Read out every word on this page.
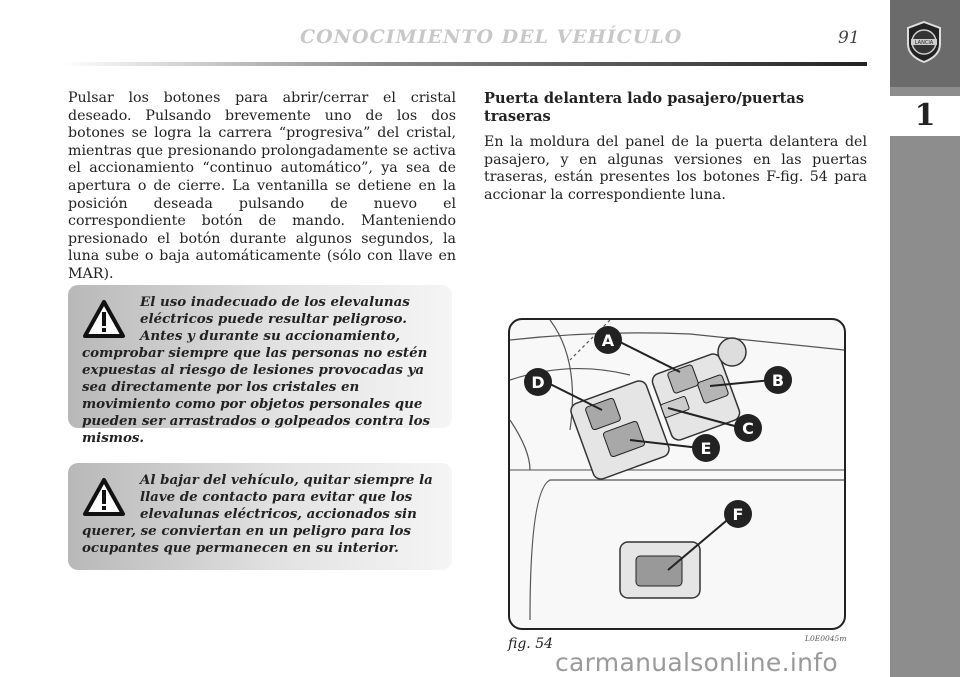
CONOCIMIENTO DEL VEHÍCULO	91	LANCIA
1
Pulsar los botones para abrir/cerrar el cristal deseado. Pulsando brevemente uno de los dos botones se logra la carrera “progresiva” del cristal, mientras que presionando prolongadamente se activa el accionamiento “continuo automático”, ya sea de apertura o de cierre. La ventanilla se detiene en la posición deseada pulsando de nuevo el correspondiente botón de mando. Manteniendo presionado el botón durante algunos segundos, la luna sube o baja automáticamente (sólo con llave en MAR).
El uso inadecuado de los elevalunas eléctricos puede resultar peligroso. Antes y durante su accionamiento, comprobar siempre que las personas no estén expuestas al riesgo de lesiones provocadas ya sea directamente por los cristales en movimiento como por objetos personales que pueden ser arrastrados o golpeados contra los mismos.
Al bajar del vehículo, quitar siempre la llave de contacto para evitar que los elevalunas eléctricos, accionados sin querer, se conviertan en un peligro para los ocupantes que permanecen en su interior.
Puerta delantera lado pasajero/puertas traseras

En la moldura del panel de la puerta delantera del pasajero, y en algunas versiones en las puertas traseras, están presentes los botones F-fig. 54 para accionar la correspondiente luna.

A
B
C
D
E
F
fig. 54	L0E0045m
carmanualsonline.info
